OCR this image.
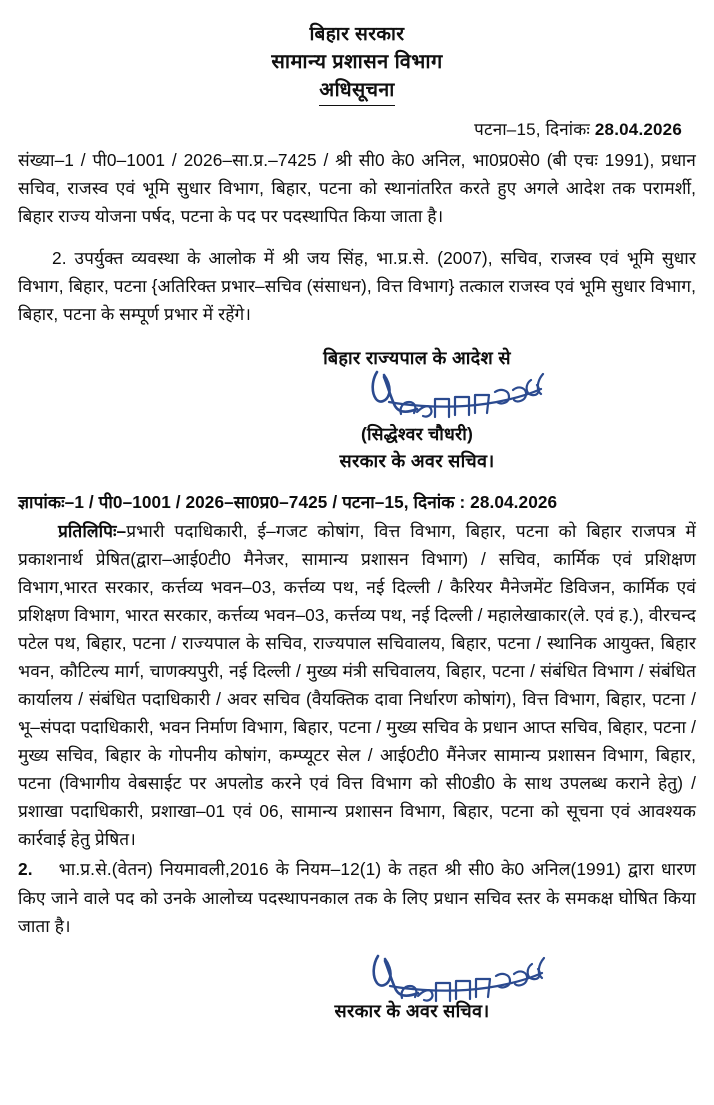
बिहार सरकार
सामान्य प्रशासन विभाग
अधिसूचना
पटना–15, दिनांकः 28.04.2026

संख्या–1 / पी0–1001 / 2026–सा.प्र.–7425 / श्री सी0 के0 अनिल, भा0प्र0से0 (बी एचः 1991), प्रधान सचिव, राजस्व एवं भूमि सुधार विभाग, बिहार, पटना को स्थानांतरित करते हुए अगले आदेश तक परामर्शी, बिहार राज्य योजना पर्षद, पटना के पद पर पदस्थापित किया जाता है।

2. उपर्युक्त व्यवस्था के आलोक में श्री जय सिंह, भा.प्र.से. (2007), सचिव, राजस्व एवं भूमि सुधार विभाग, बिहार, पटना {अतिरिक्त प्रभार–सचिव (संसाधन), वित्त विभाग} तत्काल राजस्व एवं भूमि सुधार विभाग, बिहार, पटना के सम्पूर्ण प्रभार में रहेंगे।

बिहार राज्यपाल के आदेश से
(सिद्धेश्वर चौधरी)
सरकार के अवर सचिव।
ज्ञापांकः–1 / पी0–1001 / 2026–सा0प्र0–7425 / पटना–15, दिनांक : 28.04.2026

प्रतिलिपिः–प्रभारी पदाधिकारी, ई–गजट कोषांग, वित्त विभाग, बिहार, पटना को बिहार राजपत्र में प्रकाशनार्थ प्रेषित(द्वारा–आई0टी0 मैनेजर, सामान्य प्रशासन विभाग) / सचिव, कार्मिक एवं प्रशिक्षण विभाग,भारत सरकार, कर्त्तव्य भवन–03, कर्त्तव्य पथ, नई दिल्ली / कैरियर मैनेजमेंट डिविजन, कार्मिक एवं प्रशिक्षण विभाग, भारत सरकार, कर्त्तव्य भवन–03, कर्त्तव्य पथ, नई दिल्ली / महालेखाकार(ले. एवं ह.), वीरचन्द पटेल पथ, बिहार, पटना / राज्यपाल के सचिव, राज्यपाल सचिवालय, बिहार, पटना / स्थानिक आयुक्त, बिहार भवन, कौटिल्य मार्ग, चाणक्यपुरी, नई दिल्ली / मुख्य मंत्री सचिवालय, बिहार, पटना / संबंधित विभाग / संबंधित कार्यालय / संबंधित पदाधिकारी / अवर सचिव (वैयक्तिक दावा निर्धारण कोषांग), वित्त विभाग, बिहार, पटना / भू–संपदा पदाधिकारी, भवन निर्माण विभाग, बिहार, पटना / मुख्य सचिव के प्रधान आप्त सचिव, बिहार, पटना / मुख्य सचिव, बिहार के गोपनीय कोषांग, कम्प्यूटर सेल / आई0टी0 मैंनेजर सामान्य प्रशासन विभाग, बिहार, पटना (विभागीय वेबसाईट पर अपलोड करने एवं वित्त विभाग को सी0डी0 के साथ उपलब्ध कराने हेतु) / प्रशाखा पदाधिकारी, प्रशाखा–01 एवं 06, सामान्य प्रशासन विभाग, बिहार, पटना को सूचना एवं आवश्यक कार्रवाई हेतु प्रेषित।

2. भा.प्र.से.(वेतन) नियमावली,2016 के नियम–12(1) के तहत श्री सी0 के0 अनिल(1991) द्वारा धारण किए जाने वाले पद को उनके आलोच्य पदस्थापनकाल तक के लिए प्रधान सचिव स्तर के समकक्ष घोषित किया जाता है।

सरकार के अवर सचिव।
